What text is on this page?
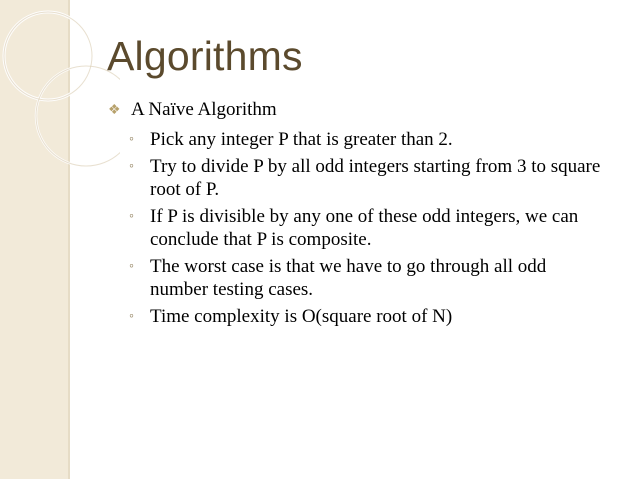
Algorithms
❖ A Naïve Algorithm
◦ Pick any integer P that is greater than 2.
◦ Try to divide P by all odd integers starting from 3 to square root of P.
◦ If P is divisible by any one of these odd integers, we can conclude that P is composite.
◦ The worst case is that we have to go through all odd number testing cases.
◦ Time complexity is O(square root of N)
